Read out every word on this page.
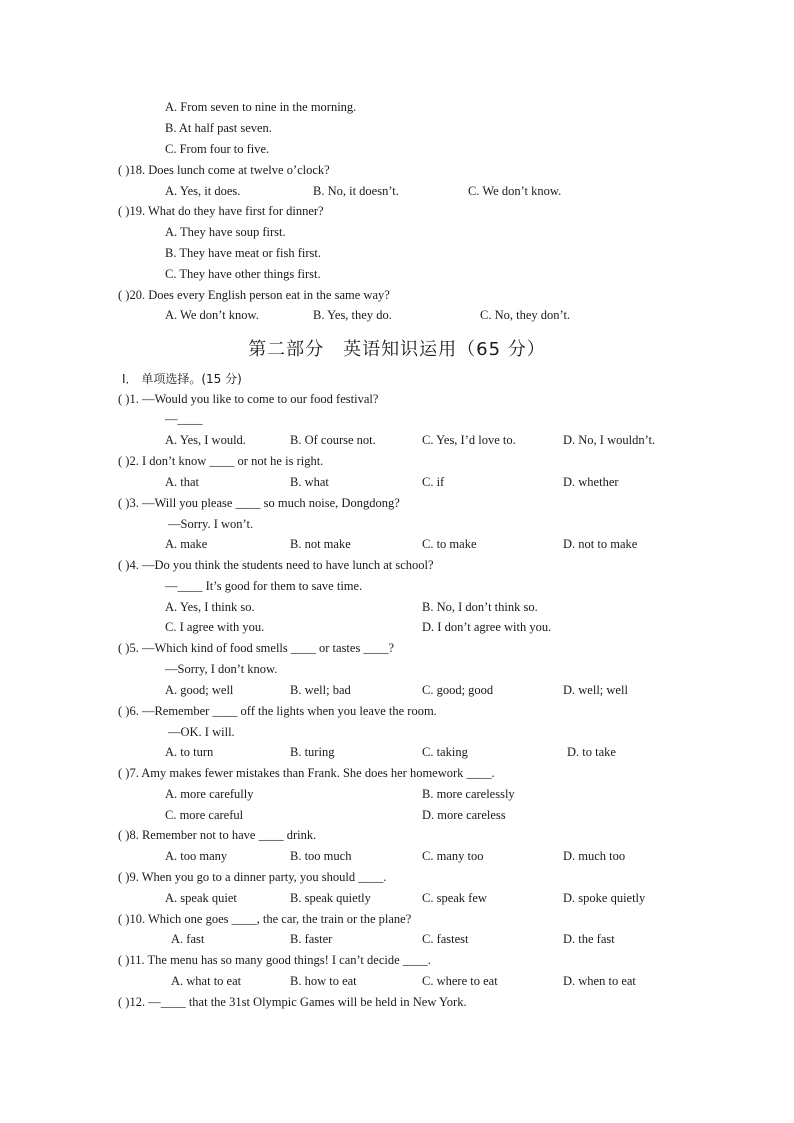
第二部分　英语知识运用（65 分）
Ⅰ． 单项选择。(15 分)
A. From seven to nine in the morning.
B. At half past seven.
C. From four to five.
( )18. Does lunch come at twelve o’clock?
A. Yes, it does.	B. No, it doesn’t.	C. We don’t know.
( )19. What do they have first for dinner?
A. They have soup first.
B. They have meat or fish first.
C. They have other things first.
( )20. Does every English person eat in the same way?
A. We don’t know.	B. Yes, they do.	C. No, they don’t.
( )1. —Would you like to come to our food festival?
—____
A. Yes, I would.	B. Of course not.	C. Yes, I’d love to.	D. No, I wouldn’t.
( )2. I don’t know ____ or not he is right.
A. that	B. what	C. if	D. whether
( )3. —Will you please ____ so much noise, Dongdong?
—Sorry. I won’t.
A. make	B. not make	C. to make	D. not to make
( )4. —Do you think the students need to have lunch at school?
—____ It’s good for them to save time.
A. Yes, I think so.	B. No, I don’t think so.
C. I agree with you.	D. I don’t agree with you.
( )5. —Which kind of food smells ____ or tastes ____?
—Sorry, I don’t know.
A. good; well	B. well; bad	C. good; good	D. well; well
( )6. —Remember ____ off the lights when you leave the room.
—OK. I will.
A. to turn	B. turing	C. taking	D. to take
( )7. Amy makes fewer mistakes than Frank. She does her homework ____.
A. more carefully	B. more carelessly
C. more careful	D. more careless
( )8. Remember not to have ____ drink.
A. too many	B. too much	C. many too	D. much too
( )9. When you go to a dinner party, you should ____.
A. speak quiet	B. speak quietly	C. speak few	D. spoke quietly
( )10. Which one goes ____, the car, the train or the plane?
A. fast	B. faster	C. fastest	D. the fast
( )11. The menu has so many good things! I can’t decide ____.
A. what to eat	B. how to eat	C. where to eat	D. when to eat
( )12. —____ that the 31st Olympic Games will be held in New York.
